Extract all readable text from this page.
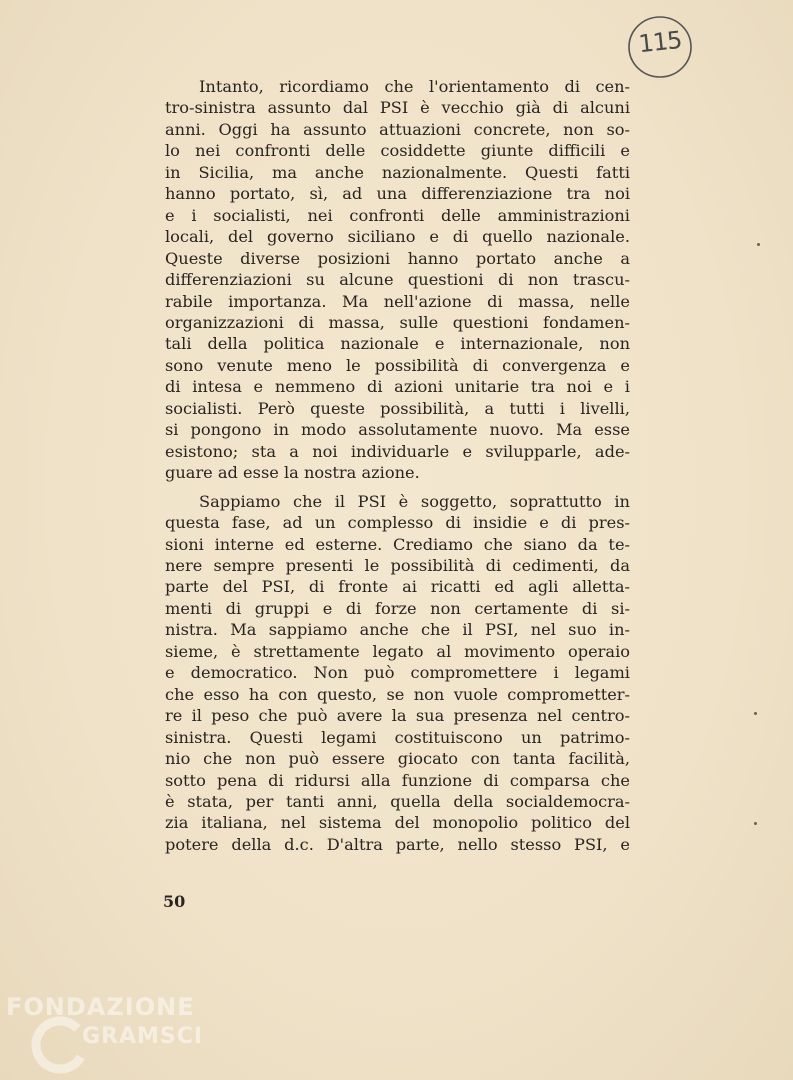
115

Intanto, ricordiamo che l'orientamento di cen-

tro-sinistra assunto dal PSI è vecchio già di alcuni

anni. Oggi ha assunto attuazioni concrete, non so-

lo nei confronti delle cosiddette giunte difficili e

in Sicilia, ma anche nazionalmente. Questi fatti

hanno portato, sì, ad una differenziazione tra noi

e i socialisti, nei confronti delle amministrazioni

locali, del governo siciliano e di quello nazionale.

Queste diverse posizioni hanno portato anche a

differenziazioni su alcune questioni di non trascu-

rabile importanza. Ma nell'azione di massa, nelle

organizzazioni di massa, sulle questioni fondamen-

tali della politica nazionale e internazionale, non

sono venute meno le possibilità di convergenza e

di intesa e nemmeno di azioni unitarie tra noi e i

socialisti. Però queste possibilità, a tutti i livelli,

si pongono in modo assolutamente nuovo. Ma esse

esistono; sta a noi individuarle e svilupparle, ade-

guare ad esse la nostra azione.

Sappiamo che il PSI è soggetto, soprattutto in

questa fase, ad un complesso di insidie e di pres-

sioni interne ed esterne. Crediamo che siano da te-

nere sempre presenti le possibilità di cedimenti, da

parte del PSI, di fronte ai ricatti ed agli alletta-

menti di gruppi e di forze non certamente di si-

nistra. Ma sappiamo anche che il PSI, nel suo in-

sieme, è strettamente legato al movimento operaio

e democratico. Non può compromettere i legami

che esso ha con questo, se non vuole comprometter-

re il peso che può avere la sua presenza nel centro-

sinistra. Questi legami costituiscono un patrimo-

nio che non può essere giocato con tanta facilità,

sotto pena di ridursi alla funzione di comparsa che

è stata, per tanti anni, quella della socialdemocra-

zia italiana, nel sistema del monopolio politico del

potere della d.c. D'altra parte, nello stesso PSI, e

50
FONDAZIONE
GRAMSCI
